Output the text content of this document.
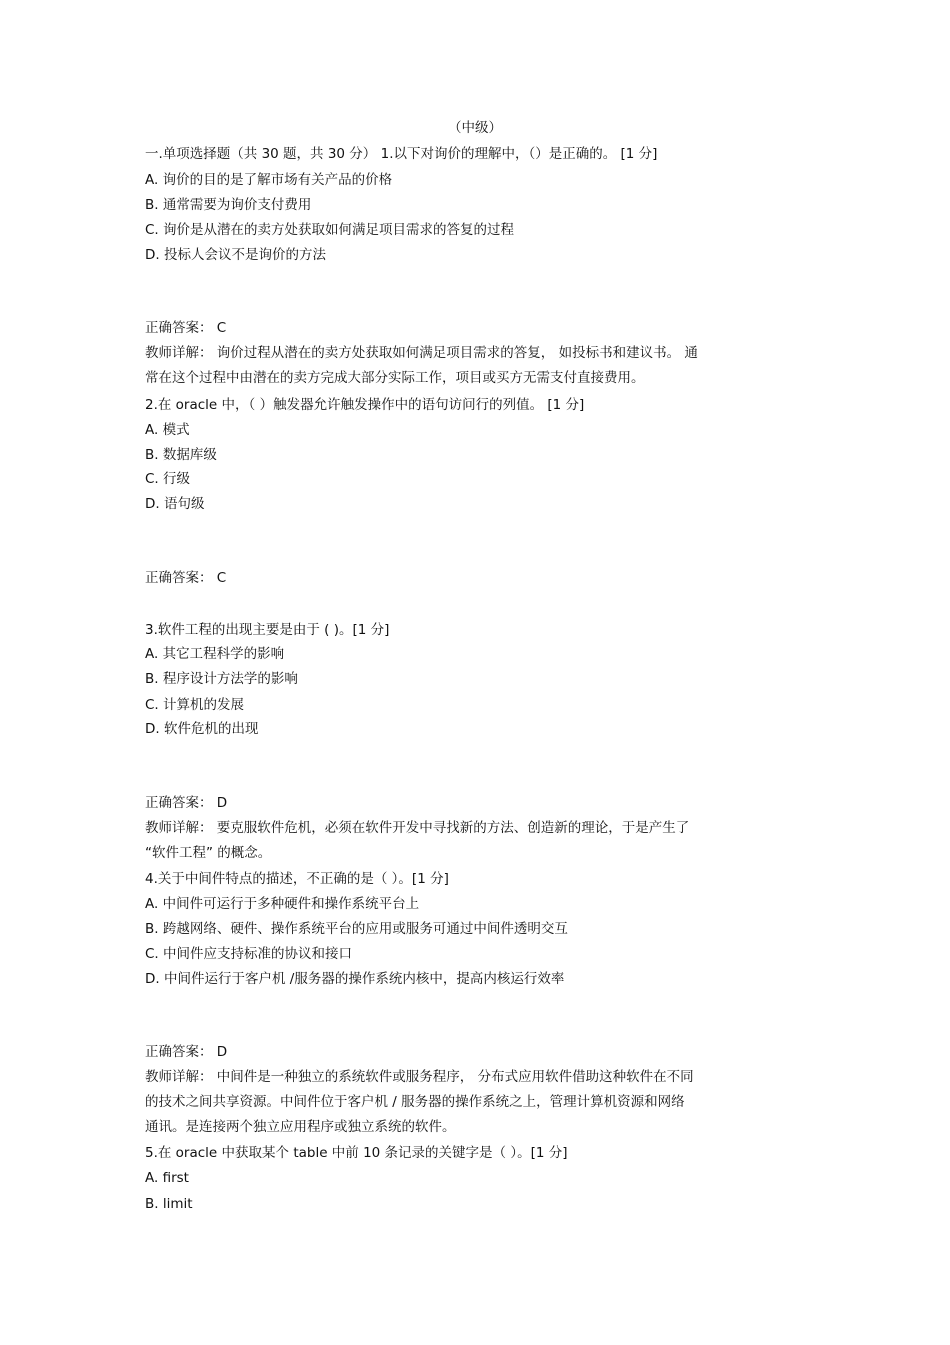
（中级）

一.单项选择题（共 30 题，共 30 分） 1.以下对询价的理解中，（）是正确的。 [1 分]

A. 询价的目的是了解市场有关产品的价格

B. 通常需要为询价支付费用

C. 询价是从潜在的卖方处获取如何满足项目需求的答复的过程

D. 投标人会议不是询价的方法

正确答案： C

教师详解： 询价过程从潜在的卖方处获取如何满足项目需求的答复， 如投标书和建议书。 通

常在这个过程中由潜在的卖方完成大部分实际工作，项目或买方无需支付直接费用。

2.在 oracle 中，（ ）触发器允许触发操作中的语句访问行的列值。 [1 分]

A. 模式

B. 数据库级

C. 行级

D. 语句级

正确答案： C

3.软件工程的出现主要是由于 ( )。[1 分]

A. 其它工程科学的影响

B. 程序设计方法学的影响

C. 计算机的发展

D. 软件危机的出现

正确答案： D

教师详解： 要克服软件危机，必须在软件开发中寻找新的方法、创造新的理论，于是产生了

“软件工程” 的概念。

4.关于中间件特点的描述，不正确的是（ ）。[1 分]

A. 中间件可运行于多种硬件和操作系统平台上

B. 跨越网络、硬件、操作系统平台的应用或服务可通过中间件透明交互

C. 中间件应支持标准的协议和接口

D. 中间件运行于客户机 /服务器的操作系统内核中，提高内核运行效率

正确答案： D

教师详解： 中间件是一种独立的系统软件或服务程序， 分布式应用软件借助这种软件在不同

的技术之间共享资源。中间件位于客户机 / 服务器的操作系统之上，管理计算机资源和网络

通讯。是连接两个独立应用程序或独立系统的软件。

5.在 oracle 中获取某个 table 中前 10 条记录的关键字是（ ）。[1 分]

A. first

B. limit
